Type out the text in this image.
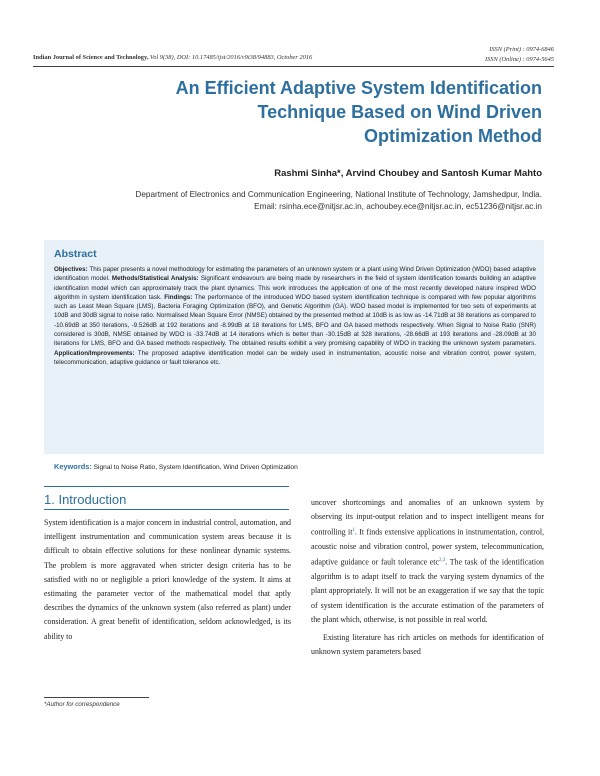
Indian Journal of Science and Technology, Vol 9(38), DOI: 10.17485/ijst/2016/v9i38/94883, October 2016
ISSN (Print) : 0974-6846
ISSN (Online) : 0974-5645
An Efficient Adaptive System Identification
Technique Based on Wind Driven
Optimization Method
Rashmi Sinha*, Arvind Choubey and Santosh Kumar Mahto
Department of Electronics and Communication Engineering, National Institute of Technology, Jamshedpur, India.
Email: rsinha.ece@nitjsr.ac.in, achoubey.ece@nitjsr.ac.in, ec51236@nitjsr.ac.in
Abstract
Objectives: This paper presents a novel methodology for estimating the parameters of an unknown system or a plant using Wind Driven Optimization (WDO) based adaptive identification model. Methods/Statistical Analysis: Significant endeavours are being made by researchers in the field of system identification towards building an adaptive identification model which can approximately track the plant dynamics. This work introduces the application of one of the most recently developed nature inspired WDO algorithm in system identification task. Findings: The performance of the introduced WDO based system identification technique is compared with few popular algorithms such as Least Mean Square (LMS), Bacteria Foraging Optimization (BFO), and Genetic Algorithm (GA). WDO based model is implemented for two sets of experiments at 10dB and 30dB signal to noise ratio. Normalised Mean Square Error (NMSE) obtained by the presented method at 10dB is as low as -14.71dB at 38 iterations as compared to -10.69dB at 350 iterations, -9.526dB at 192 iterations and -8.99dB at 18 iterations for LMS, BFO and GA based methods respectively. When Signal to Noise Ratio (SNR) considered is 30dB, NMSE obtained by WDO is -33.74dB at 14 iterations which is better than -30.15dB at 328 iterations, -28.66dB at 193 iterations and -28.09dB at 30 iterations for LMS, BFO and GA based methods respectively. The obtained results exhibit a very promising capability of WDO in tracking the unknown system parameters. Application/Improvements: The proposed adaptive identification model can be widely used in instrumentation, acoustic noise and vibration control, power system, telecommunication, adaptive guidance or fault tolerance etc.
Keywords: Signal to Noise Ratio, System Identification, Wind Driven Optimization
1. Introduction
System identification is a major concern in industrial control, automation, and intelligent instrumentation and communication system areas because it is difficult to obtain effective solutions for these nonlinear dynamic systems. The problem is more aggravated when stricter design criteria has to be satisfied with no or negligible a priori knowledge of the system. It aims at estimating the parameter vector of the mathematical model that aptly describes the dynamics of the unknown system (also referred as plant) under consideration. A great benefit of identification, seldom acknowledged, is its ability to
uncover shortcomings and anomalies of an unknown system by observing its input-output relation and to inspect intelligent means for controlling $it^1$. It finds extensive applications in instrumentation, control, acoustic noise and vibration control, power system, telecommunication, adaptive guidance or fault tolerance etc$^{2,3}$. The task of the identification algorithm is to adapt itself to track the varying system dynamics of the plant appropriately. It will not be an exaggeration if we say that the topic of system identification is the accurate estimation of the parameters of the plant which, otherwise, is not possible in real world.
Existing literature has rich articles on methods for identification of unknown system parameters based
*Author for correspondence
